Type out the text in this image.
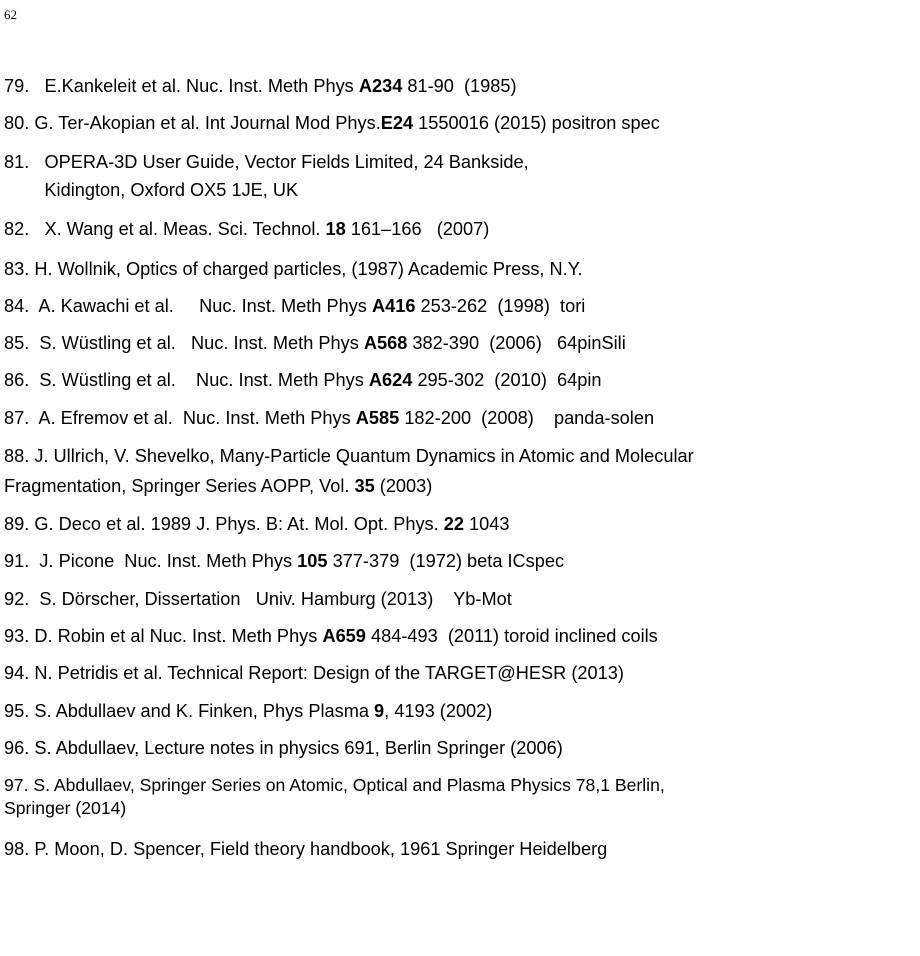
62
79.   E.Kankeleit et al. Nuc. Inst. Meth Phys A234 81-90  (1985)
80. G. Ter-Akopian et al. Int Journal Mod Phys.E24 1550016 (2015) positron spec
81.   OPERA-3D User Guide, Vector Fields Limited, 24 Bankside,
Kidington, Oxford OX5 1JE, UK
82.   X. Wang et al. Meas. Sci. Technol. 18 161–166   (2007)
83. H. Wollnik, Optics of charged particles, (1987) Academic Press, N.Y.
84.  A. Kawachi et al.     Nuc. Inst. Meth Phys A416 253-262  (1998)  tori
85.  S. Wüstling et al.   Nuc. Inst. Meth Phys A568 382-390  (2006)   64pinSili
86.  S. Wüstling et al.    Nuc. Inst. Meth Phys A624 295-302  (2010)  64pin
87.  A. Efremov et al.  Nuc. Inst. Meth Phys A585 182-200  (2008)    panda-solen
88. J. Ullrich, V. Shevelko, Many-Particle Quantum Dynamics in Atomic and Molecular
Fragmentation, Springer Series AOPP, Vol. 35 (2003)
89. G. Deco et al. 1989 J. Phys. B: At. Mol. Opt. Phys. 22 1043
91.  J. Picone  Nuc. Inst. Meth Phys 105 377-379  (1972) beta ICspec
92.  S. Dörscher, Dissertation   Univ. Hamburg (2013)    Yb-Mot
93. D. Robin et al Nuc. Inst. Meth Phys A659 484-493  (2011) toroid inclined coils
94. N. Petridis et al. Technical Report: Design of the TARGET@HESR (2013)
95. S. Abdullaev and K. Finken, Phys Plasma 9, 4193 (2002)
96. S. Abdullaev, Lecture notes in physics 691, Berlin Springer (2006)
97. S. Abdullaev, Springer Series on Atomic, Optical and Plasma Physics 78,1 Berlin,
Springer (2014)
98. P. Moon, D. Spencer, Field theory handbook, 1961 Springer Heidelberg
